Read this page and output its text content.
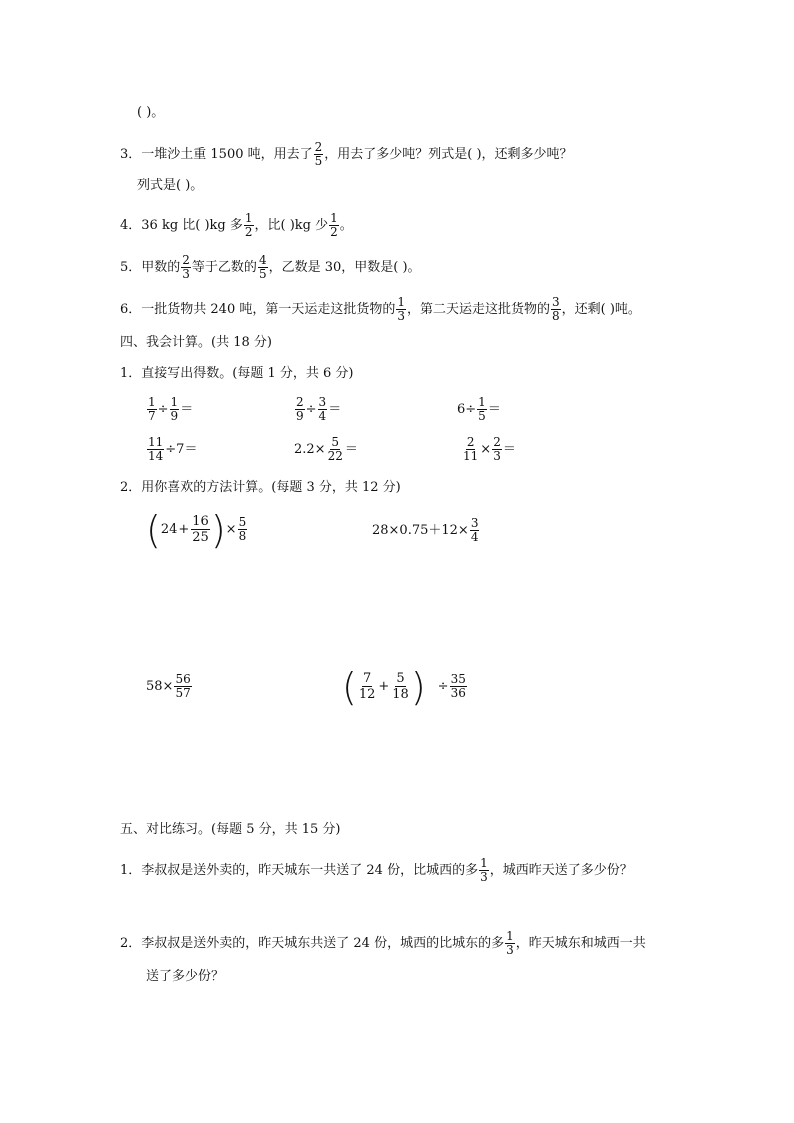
( )。
3．一堆沙土重 1500 吨，用去了 $\frac{2}{5}$ ，用去了多少吨？列式是( )，还剩多少吨？
列式是( )。
4．36 kg 比( )kg 多 $\frac{1}{2}$ ，比( )kg 少 $\frac{1}{2}$ 。
5．甲数的 $\frac{2}{3}$ 等于乙数的 $\frac{4}{5}$ ，乙数是 30，甲数是( )。
6．一批货物共 240 吨，第一天运走这批货物的 $\frac{1}{3}$ ，第二天运走这批货物的 $\frac{3}{8}$ ，还剩( )吨。
四、我会计算。(共 18 分)
1．直接写出得数。(每题 1 分，共 6 分)
$\frac{1}{7} \div \frac{1}{9}$ ＝	$\frac{2}{9} \div \frac{3}{4}$ ＝	$6\div \frac{1}{5}$ ＝
$\frac{11}{14} \div 7=$	$2.2\times \frac{5}{22}$ ＝	$\frac{2}{11} \times \frac{2}{3}$ ＝
2．用你喜欢的方法计算。(每题 3 分，共 12 分)
($24+ \frac{16}{25}$ )× $\frac{5}{8}$	$28\times 0.75+12\times \frac{3}{4}$
$58\times \frac{56}{57}$	( $\frac{7}{12} + \frac{5}{18}$ ) ÷ $\frac{35}{36}$
五、对比练习。(每题 5 分，共 15 分)
1．李叔叔是送外卖的，昨天城东一共送了 24 份，比城西的多 $\frac{1}{3}$ ，城西昨天送了多少份？
2．李叔叔是送外卖的，昨天城东共送了 24 份，城西的比城东的多 $\frac{1}{3}$ ，昨天城东和城西一共
送了多少份？
